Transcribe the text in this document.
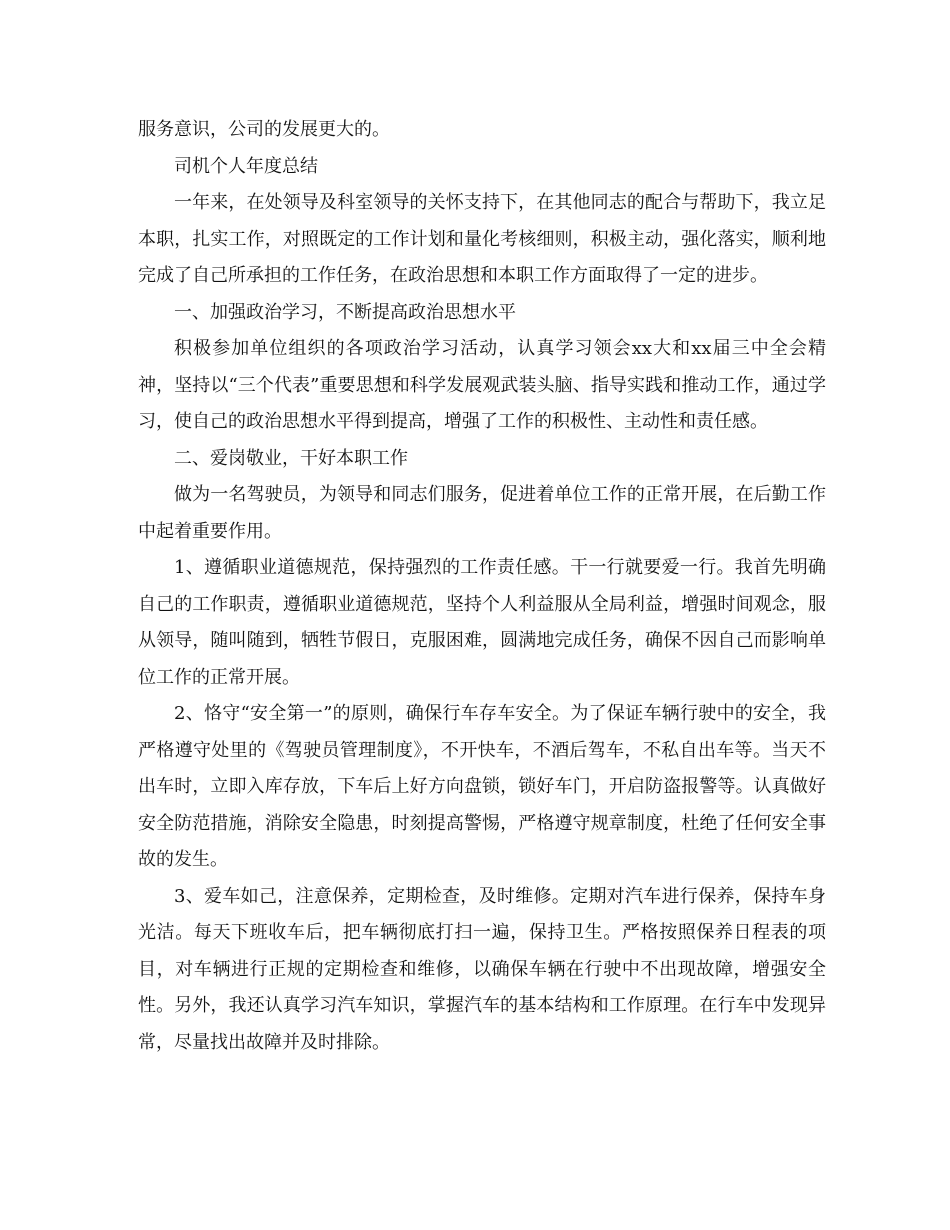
服务意识，公司的发展更大的。

司机个人年度总结

一年来，在处领导及科室领导的关怀支持下，在其他同志的配合与帮助下，我立足本职，扎实工作，对照既定的工作计划和量化考核细则，积极主动，强化落实，顺利地完成了自己所承担的工作任务，在政治思想和本职工作方面取得了一定的进步。

一、加强政治学习，不断提高政治思想水平

积极参加单位组织的各项政治学习活动，认真学习领会xx大和xx届三中全会精神，坚持以“三个代表”重要思想和科学发展观武装头脑、指导实践和推动工作，通过学习，使自己的政治思想水平得到提高，增强了工作的积极性、主动性和责任感。

二、爱岗敬业，干好本职工作

做为一名驾驶员，为领导和同志们服务，促进着单位工作的正常开展，在后勤工作中起着重要作用。

1、遵循职业道德规范，保持强烈的工作责任感。干一行就要爱一行。我首先明确自己的工作职责，遵循职业道德规范，坚持个人利益服从全局利益，增强时间观念，服从领导，随叫随到，牺牲节假日，克服困难，圆满地完成任务，确保不因自己而影响单位工作的正常开展。

2、恪守“安全第一”的原则，确保行车存车安全。为了保证车辆行驶中的安全，我严格遵守处里的《驾驶员管理制度》，不开快车，不酒后驾车，不私自出车等。当天不出车时，立即入库存放，下车后上好方向盘锁，锁好车门，开启防盗报警等。认真做好安全防范措施，消除安全隐患，时刻提高警惕，严格遵守规章制度，杜绝了任何安全事故的发生。

3、爱车如己，注意保养，定期检查，及时维修。定期对汽车进行保养，保持车身光洁。每天下班收车后，把车辆彻底打扫一遍，保持卫生。严格按照保养日程表的项目，对车辆进行正规的定期检查和维修，以确保车辆在行驶中不出现故障，增强安全性。另外，我还认真学习汽车知识，掌握汽车的基本结构和工作原理。在行车中发现异常，尽量找出故障并及时排除。
